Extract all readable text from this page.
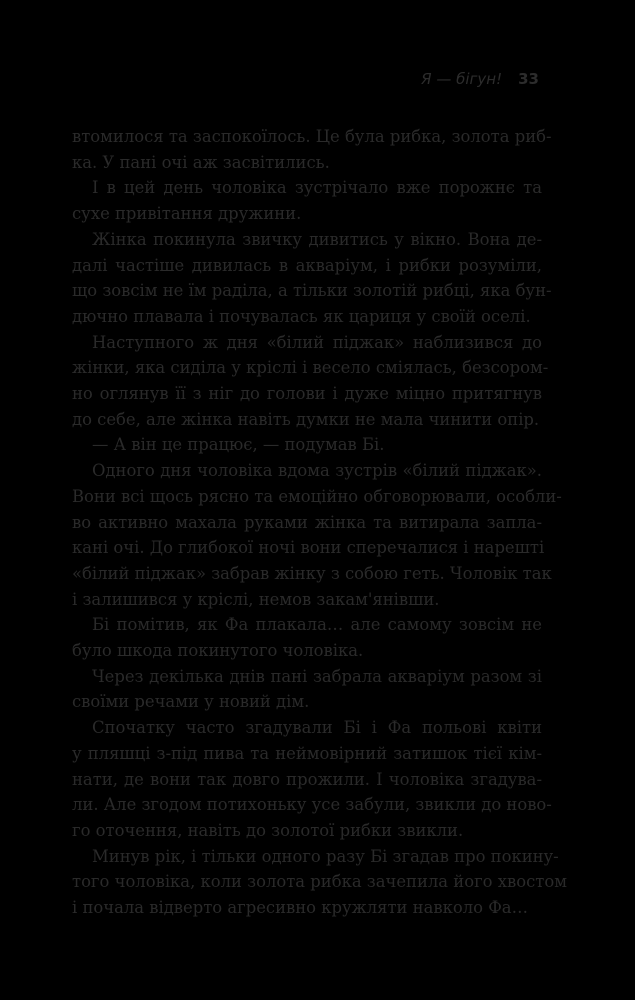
Я — бігун! 33
втомилося та заспокоїлось. Це була рибка, золота риб-
ка. У пані очі аж засвітились.
І в цей день чоловіка зустрічало вже порожнє та
сухе привітання дружини.
Жінка покинула звичку дивитись у вікно. Вона де-
далі частіше дивилась в акваріум, і рибки розуміли,
що зовсім не їм раділа, а тільки золотій рибці, яка бун-
дючно плавала і почувалась як цариця у своїй оселі.
Наступного ж дня «білий піджак» наблизився до
жінки, яка сиділа у кріслі і весело сміялась, безсором-
но оглянув її з ніг до голови і дуже міцно притягнув
до себе, але жінка навіть думки не мала чинити опір.
— А він це працює, — подумав Бі.
Одного дня чоловіка вдома зустрів «білий піджак».
Вони всі щось рясно та емоційно обговорювали, особли-
во активно махала руками жінка та витирала запла-
кані очі. До глибокої ночі вони сперечалися і нарешті
«білий піджак» забрав жінку з собою геть. Чоловік так
і залишився у кріслі, немов закам'янівши.
Бі помітив, як Фа плакала… але самому зовсім не
було шкода покинутого чоловіка.
Через декілька днів пані забрала акваріум разом зі
своїми речами у новий дім.
Спочатку часто згадували Бі і Фа польові квіти
у пляшці з-під пива та неймовірний затишок тієї кім-
нати, де вони так довго прожили. І чоловіка згадува-
ли. Але згодом потихоньку усе забули, звикли до ново-
го оточення, навіть до золотої рибки звикли.
Минув рік, і тільки одного разу Бі згадав про покину-
того чоловіка, коли золота рибка зачепила його хвостом
і почала відверто агресивно кружляти навколо Фа…
